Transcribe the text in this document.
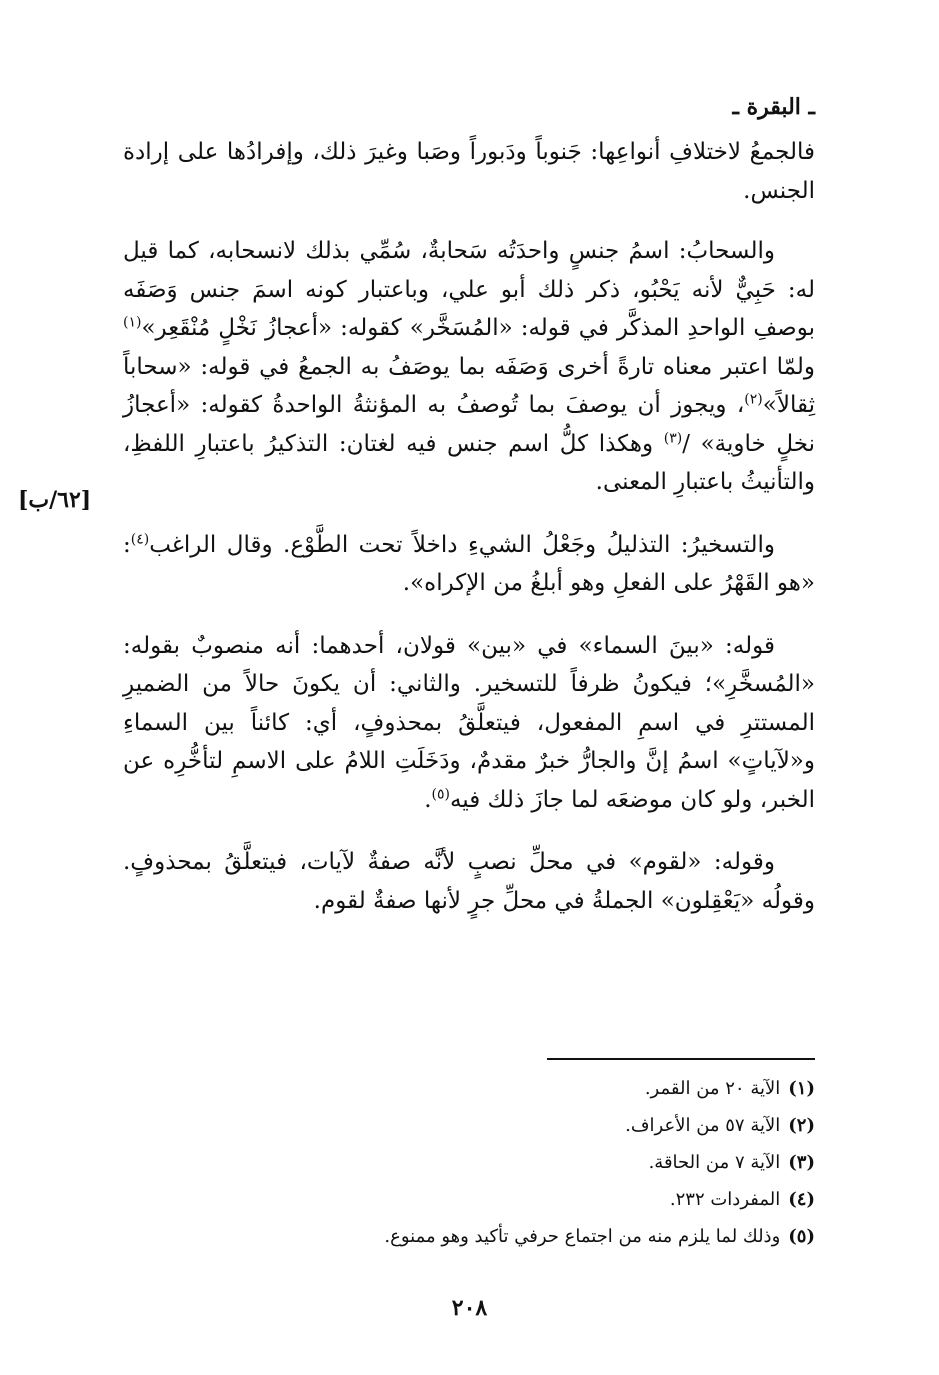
ـ البقرة ـ

فالجمعُ لاختلافِ أنواعِها: جَنوباً ودَبوراً وصَبا وغيرَ ذلك، وإفرادُها على إرادة الجنس.

والسحابُ: اسمُ جنسٍ واحدَتُه سَحابةٌ، سُمِّي بذلك لانسحابه، كما قيل له: حَبِيٌّ لأنه يَحْبُو، ذكر ذلك أبو علي، وباعتبار كونه اسمَ جنس وَصَفَه بوصفِ الواحدِ المذكَّر في قوله: «المُسَخَّر» كقوله: «أعجازُ نَخْلٍ مُنْقَعِر»$^{(١)}$ ولمّا اعتبر معناه تارةً أخرى وَصَفَه بما يوصَفُ به الجمعُ في قوله: «سحاباً ثِقالاً»$^{(٢)}$، ويجوز أن يوصفَ بما تُوصفُ به المؤنثةُ الواحدةُ كقوله: «أعجازُ نخلٍ خاوية» /$^{(٣)}$ وهكذا كلُّ اسم جنس فيه لغتان: التذكيرُ باعتبارِ اللفظِ، والتأنيثُ باعتبارِ المعنى.

والتسخيرُ: التذليلُ وجَعْلُ الشيءِ داخلاً تحت الطَّوْع. وقال الراغب$^{(٤)}$: «هو القَهْرُ على الفعلِ وهو أبلغُ من الإكراه».

قوله: «بينَ السماء» في «بين» قولان، أحدهما: أنه منصوبٌ بقوله: «المُسخَّرِ»؛ فيكونُ ظرفاً للتسخير. والثاني: أن يكونَ حالاً من الضميرِ المستترِ في اسمِ المفعول، فيتعلَّقُ بمحذوفٍ، أي: كائناً بين السماءِ و«لآياتٍ» اسمُ إنَّ والجارُّ خبرٌ مقدمٌ، ودَخَلَتِ اللامُ على الاسمِ لتأخُّرِه عن الخبر، ولو كان موضعَه لما جازَ ذلك فيه$^{(٥)}$.

وقوله: «لقوم» في محلِّ نصبٍ لأنَّه صفةٌ لآيات، فيتعلَّقُ بمحذوفٍ. وقولُه «يَعْقِلون» الجملةُ في محلِّ جرٍ لأنها صفةٌ لقوم.

[٦٢/ب]
(١)الآية ٢٠ من القمر.
(٢)الآية ٥٧ من الأعراف.
(٣)الآية ٧ من الحاقة.
(٤)المفردات ٢٣٢.
(٥)وذلك لما يلزم منه من اجتماع حرفي تأكيد وهو ممنوع.
٢٠٨
